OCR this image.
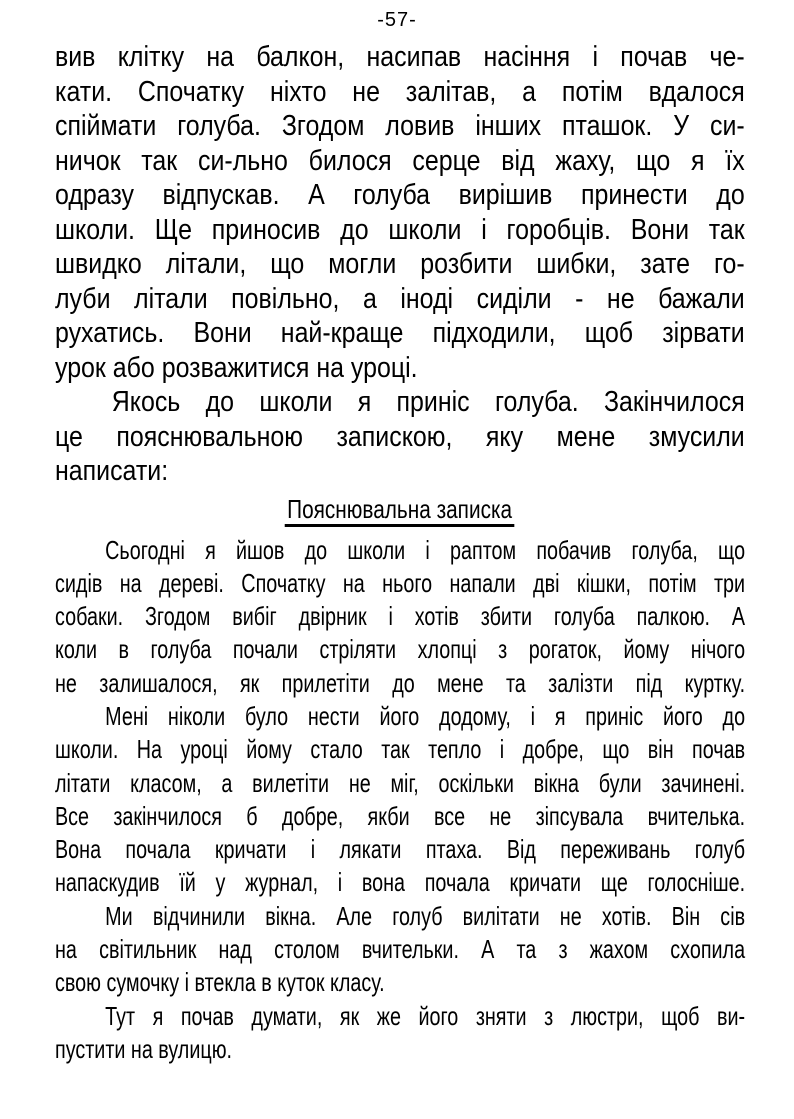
-57-
вив клітку на балкон, насипав насіння і почав че-
кати. Спочатку ніхто не залітав, а потім вдалося
спіймати голуба. Згодом ловив інших пташок. У си-
ничок так си-льно билося серце від жаху, що я їх
одразу відпускав. А голуба вирішив принести до
школи. Ще приносив до школи і горобців. Вони так
швидко літали, що могли розбити шибки, зате го-
луби літали повільно, а іноді сиділи - не бажали
рухатись. Вони най-краще підходили, щоб зірвати
урок або розважитися на уроці.
Якось до школи я приніс голуба. Закінчилося
це пояснювальною запискою, яку мене змусили
написати:
Пояснювальна записка
Сьогодні я йшов до школи і раптом побачив голуба, що
сидів на дереві. Спочатку на нього напали дві кішки, потім три
собаки. Згодом вибіг двірник і хотів збити голуба палкою. А
коли в голуба почали стріляти хлопці з рогаток, йому нічого
не залишалося, як прилетіти до мене та залізти під куртку.
Мені ніколи було нести його додому, і я приніс його до
школи. На уроці йому стало так тепло і добре, що він почав
літати класом, а вилетіти не міг, оскільки вікна були зачинені.
Все закінчилося б добре, якби все не зіпсувала вчителька.
Вона почала кричати і лякати птаха. Від переживань голуб
напаскудив їй у журнал, і вона почала кричати ще голосніше.
Ми відчинили вікна. Але голуб вилітати не хотів. Він сів
на світильник над столом вчительки. А та з жахом схопила
свою сумочку і втекла в куток класу.
Тут я почав думати, як же його зняти з люстри, щоб ви-
пустити на вулицю.
